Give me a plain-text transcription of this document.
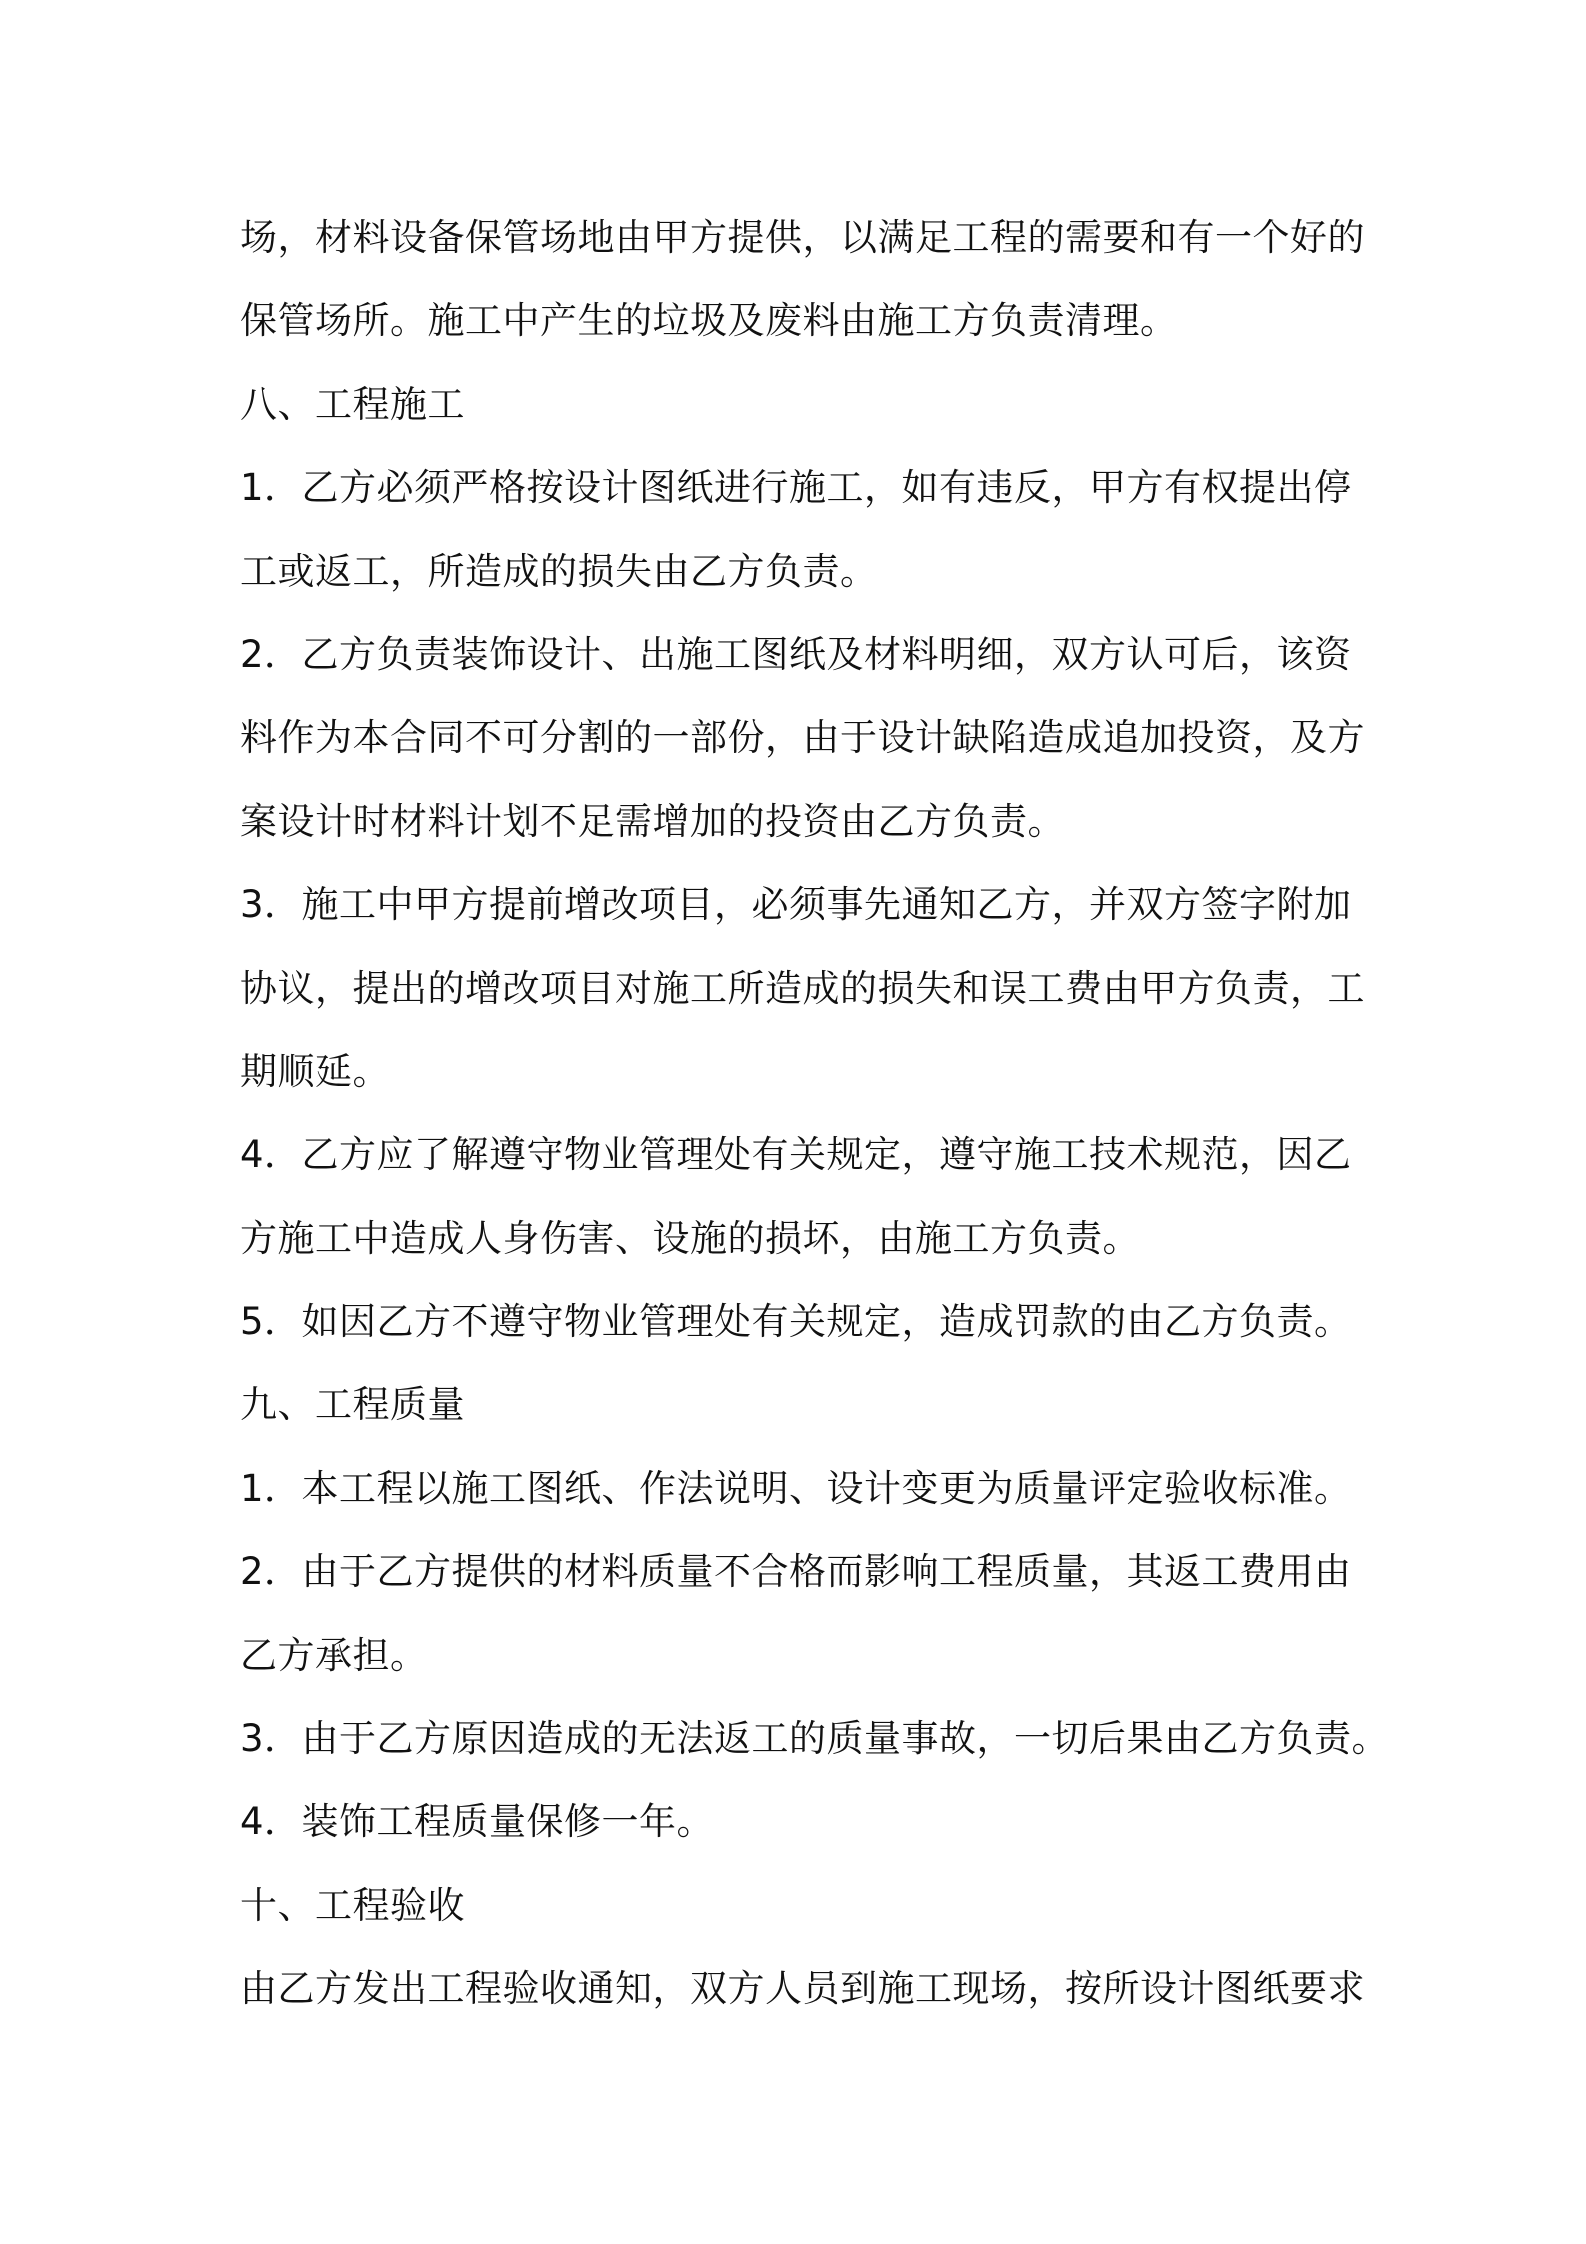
场，材料设备保管场地由甲方提供，以满足工程的需要和有一个好的
保管场所。施工中产生的垃圾及废料由施工方负责清理。
八、工程施工
1．乙方必须严格按设计图纸进行施工，如有违反，甲方有权提出停
工或返工，所造成的损失由乙方负责。
2．乙方负责装饰设计、出施工图纸及材料明细，双方认可后，该资
料作为本合同不可分割的一部份，由于设计缺陷造成追加投资，及方
案设计时材料计划不足需增加的投资由乙方负责。
3．施工中甲方提前增改项目，必须事先通知乙方，并双方签字附加
协议，提出的增改项目对施工所造成的损失和误工费由甲方负责，工
期顺延。
4．乙方应了解遵守物业管理处有关规定，遵守施工技术规范，因乙
方施工中造成人身伤害、设施的损坏，由施工方负责。
5．如因乙方不遵守物业管理处有关规定，造成罚款的由乙方负责。
九、工程质量
1．本工程以施工图纸、作法说明、设计变更为质量评定验收标准。
2．由于乙方提供的材料质量不合格而影响工程质量，其返工费用由
乙方承担。
3．由于乙方原因造成的无法返工的质量事故，一切后果由乙方负责。
4．装饰工程质量保修一年。
十、工程验收
由乙方发出工程验收通知，双方人员到施工现场，按所设计图纸要求
